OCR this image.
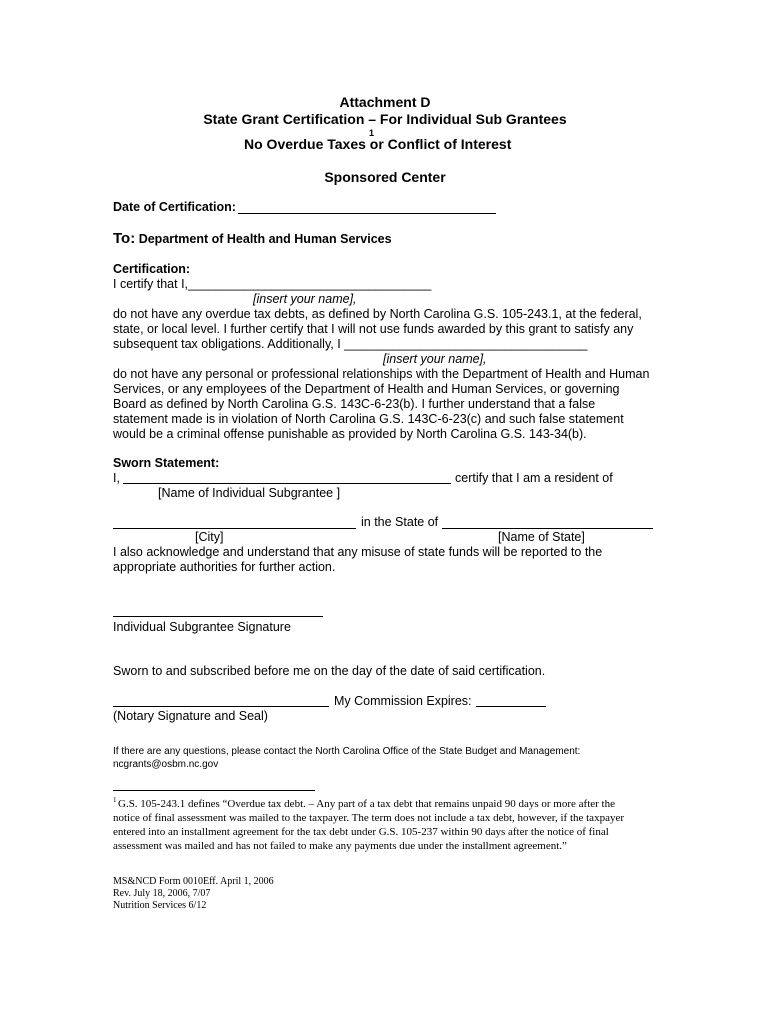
Attachment D
State Grant Certification – For Individual Sub Grantees
1
No Overdue Taxes or Conflict of Interest
Sponsored Center
Date of Certification:
To: Department of Health and Human Services
Certification:
I certify that I,___________________________________
[insert your name],
do not have any overdue tax debts, as defined by North Carolina G.S. 105-243.1, at the federal,
state, or local level. I further certify that I will not use funds awarded by this grant to satisfy any
subsequent tax obligations. Additionally, I ___________________________________
[insert your name],
do not have any personal or professional relationships with the Department of Health and Human
Services, or any employees of the Department of Health and Human Services, or governing
Board as defined by North Carolina G.S. 143C-6-23(b). I further understand that a false
statement made is in violation of North Carolina G.S. 143C-6-23(c) and such false statement
would be a criminal offense punishable as provided by North Carolina G.S. 143-34(b).
Sworn Statement:
I,	certify that I am a resident of
[Name of Individual Subgrantee ]
in the State of
[City]	[Name of State]
I also acknowledge and understand that any misuse of state funds will be reported to the
appropriate authorities for further action.
Individual Subgrantee Signature
Sworn to and subscribed before me on the day of the date of said certification.
My Commission Expires:
(Notary Signature and Seal)
If there are any questions, please contact the North Carolina Office of the State Budget and Management:
ncgrants@osbm.nc.gov
1 G.S. 105-243.1 defines “Overdue tax debt. – Any part of a tax debt that remains unpaid 90 days or more after the
notice of final assessment was mailed to the taxpayer. The term does not include a tax debt, however, if the taxpayer
entered into an installment agreement for the tax debt under G.S. 105-237 within 90 days after the notice of final
assessment was mailed and has not failed to make any payments due under the installment agreement.”
MS&NCD Form 0010Eff. April 1, 2006
Rev. July 18, 2006, 7/07
Nutrition Services 6/12
